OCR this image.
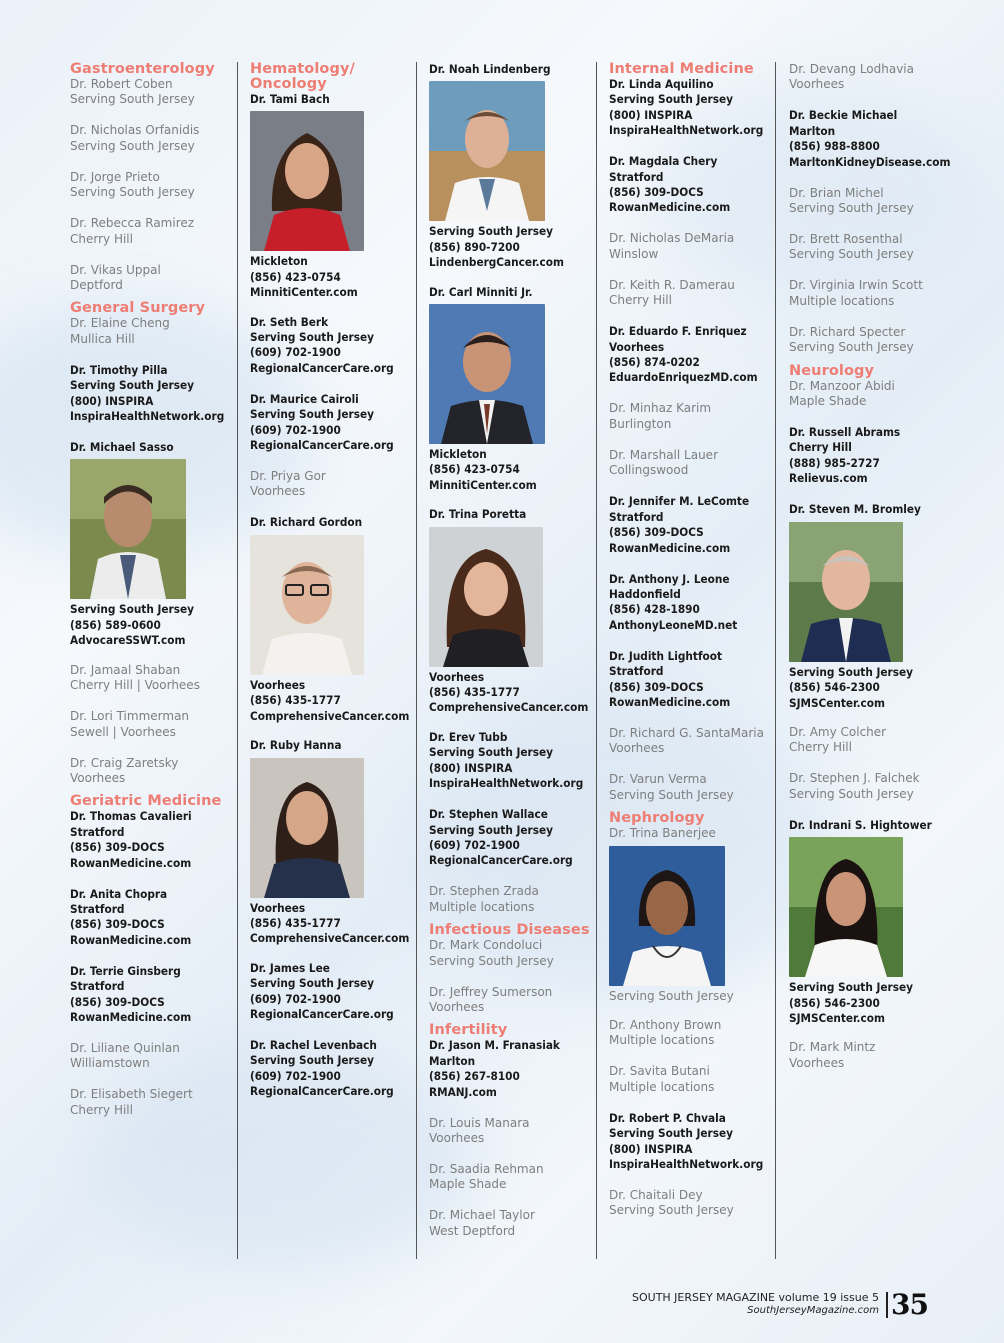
Gastroenterology
Dr. Robert Coben
Serving South Jersey
Dr. Nicholas Orfanidis
Serving South Jersey
Dr. Jorge Prieto
Serving South Jersey
Dr. Rebecca Ramirez
Cherry Hill
Dr. Vikas Uppal
Deptford
General Surgery
Dr. Elaine Cheng
Mullica Hill
Dr. Timothy Pilla
Serving South Jersey
(800) INSPIRA
InspiraHealthNetwork.org
Dr. Michael Sasso
Serving South Jersey
(856) 589-0600
AdvocareSSWT.com
Dr. Jamaal Shaban
Cherry Hill | Voorhees
Dr. Lori Timmerman
Sewell | Voorhees
Dr. Craig Zaretsky
Voorhees
Geriatric Medicine
Dr. Thomas Cavalieri
Stratford
(856) 309-DOCS
RowanMedicine.com
Dr. Anita Chopra
Stratford
(856) 309-DOCS
RowanMedicine.com
Dr. Terrie Ginsberg
Stratford
(856) 309-DOCS
RowanMedicine.com
Dr. Liliane Quinlan
Williamstown
Dr. Elisabeth Siegert
Cherry Hill
Hematology/
Oncology
Dr. Tami Bach
Mickleton
(856) 423-0754
MinnitiCenter.com
Dr. Seth Berk
Serving South Jersey
(609) 702-1900
RegionalCancerCare.org
Dr. Maurice Cairoli
Serving South Jersey
(609) 702-1900
RegionalCancerCare.org
Dr. Priya Gor
Voorhees
Dr. Richard Gordon
Voorhees
(856) 435-1777
ComprehensiveCancer.com
Dr. Ruby Hanna
Voorhees
(856) 435-1777
ComprehensiveCancer.com
Dr. James Lee
Serving South Jersey
(609) 702-1900
RegionalCancerCare.org
Dr. Rachel Levenbach
Serving South Jersey
(609) 702-1900
RegionalCancerCare.org
Dr. Noah Lindenberg
Serving South Jersey
(856) 890-7200
LindenbergCancer.com
Dr. Carl Minniti Jr.
Mickleton
(856) 423-0754
MinnitiCenter.com
Dr. Trina Poretta
Voorhees
(856) 435-1777
ComprehensiveCancer.com
Dr. Erev Tubb
Serving South Jersey
(800) INSPIRA
InspiraHealthNetwork.org
Dr. Stephen Wallace
Serving South Jersey
(609) 702-1900
RegionalCancerCare.org
Dr. Stephen Zrada
Multiple locations
Infectious Diseases
Dr. Mark Condoluci
Serving South Jersey
Dr. Jeffrey Sumerson
Voorhees
Infertility
Dr. Jason M. Franasiak
Marlton
(856) 267-8100
RMANJ.com
Dr. Louis Manara
Voorhees
Dr. Saadia Rehman
Maple Shade
Dr. Michael Taylor
West Deptford
Internal Medicine
Dr. Linda Aquilino
Serving South Jersey
(800) INSPIRA
InspiraHealthNetwork.org
Dr. Magdala Chery
Stratford
(856) 309-DOCS
RowanMedicine.com
Dr. Nicholas DeMaria
Winslow
Dr. Keith R. Damerau
Cherry Hill
Dr. Eduardo F. Enriquez
Voorhees
(856) 874-0202
EduardoEnriquezMD.com
Dr. Minhaz Karim
Burlington
Dr. Marshall Lauer
Collingswood
Dr. Jennifer M. LeComte
Stratford
(856) 309-DOCS
RowanMedicine.com
Dr. Anthony J. Leone
Haddonfield
(856) 428-1890
AnthonyLeoneMD.net
Dr. Judith Lightfoot
Stratford
(856) 309-DOCS
RowanMedicine.com
Dr. Richard G. SantaMaria
Voorhees
Dr. Varun Verma
Serving South Jersey
Nephrology
Dr. Trina Banerjee
Serving South Jersey
Dr. Anthony Brown
Multiple locations
Dr. Savita Butani
Multiple locations
Dr. Robert P. Chvala
Serving South Jersey
(800) INSPIRA
InspiraHealthNetwork.org
Dr. Chaitali Dey
Serving South Jersey
Dr. Devang Lodhavia
Voorhees
Dr. Beckie Michael
Marlton
(856) 988-8800
MarltonKidneyDisease.com
Dr. Brian Michel
Serving South Jersey
Dr. Brett Rosenthal
Serving South Jersey
Dr. Virginia Irwin Scott
Multiple locations
Dr. Richard Specter
Serving South Jersey
Neurology
Dr. Manzoor Abidi
Maple Shade
Dr. Russell Abrams
Cherry Hill
(888) 985-2727
Relievus.com
Dr. Steven M. Bromley
Serving South Jersey
(856) 546-2300
SJMSCenter.com
Dr. Amy Colcher
Cherry Hill
Dr. Stephen J. Falchek
Serving South Jersey
Dr. Indrani S. Hightower
Serving South Jersey
(856) 546-2300
SJMSCenter.com
Dr. Mark Mintz
Voorhees
SOUTH JERSEY MAGAZINE volume 19 issue 5
SouthJerseyMagazine.com 35
